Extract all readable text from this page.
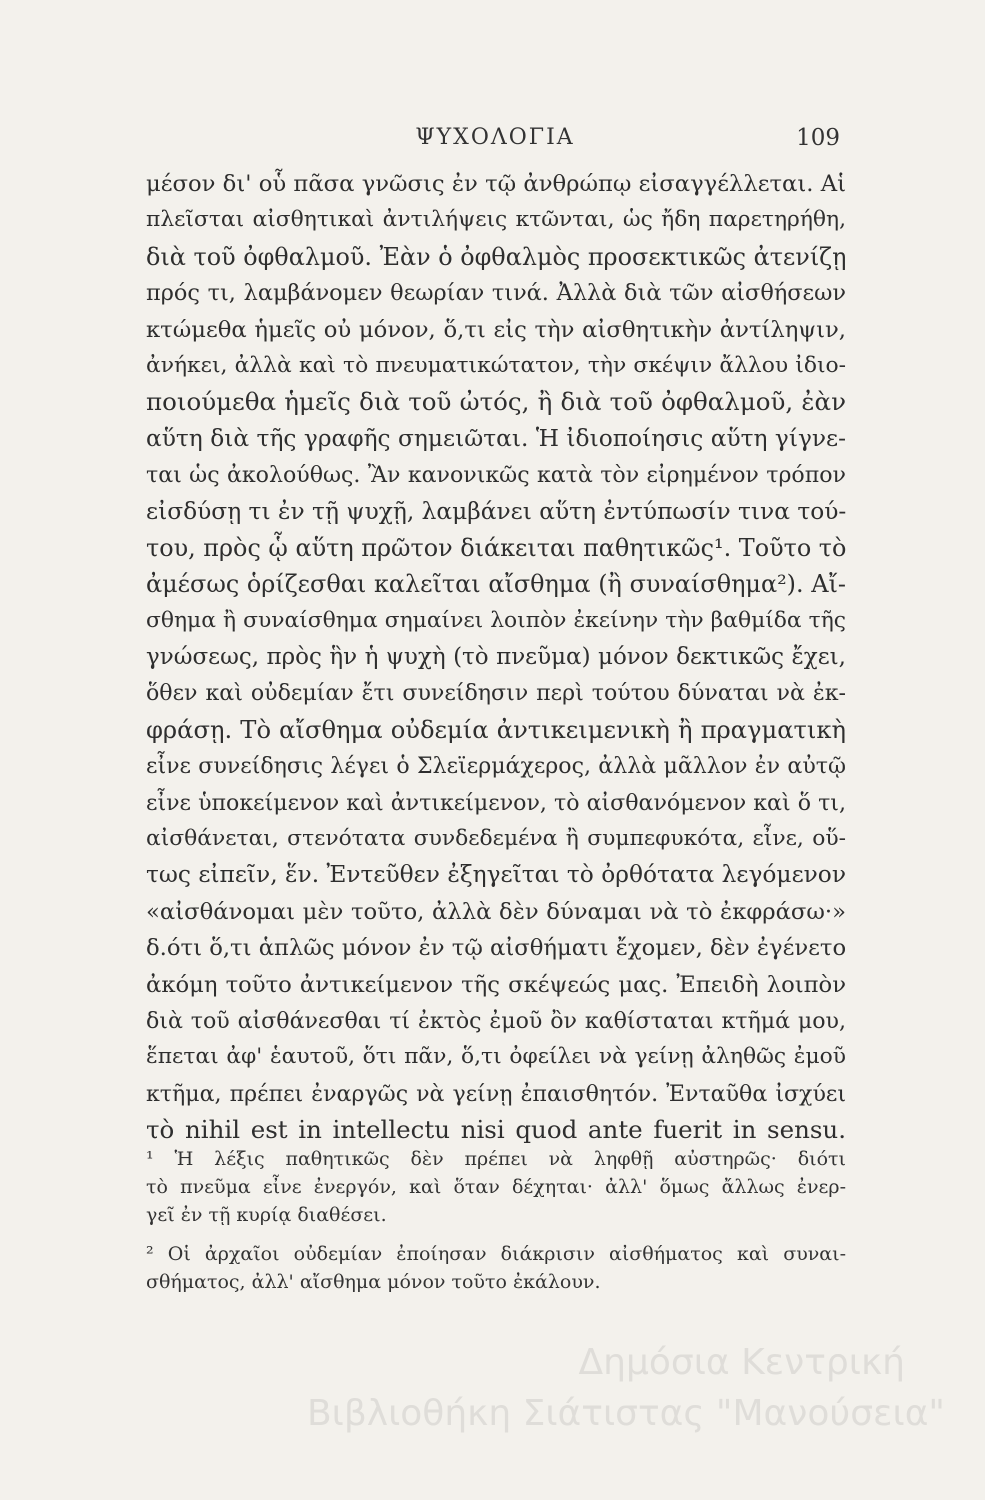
ΨΥΧΟΛΟΓΙΑ	109
μέσον δι' οὗ πᾶσα γνῶσις ἐν τῷ ἀνθρώπῳ εἰσαγγέλλεται. Αἱ
πλεῖσται αἰσθητικαὶ ἀντιλήψεις κτῶνται, ὡς ἤδη παρετηρήθη,
διὰ τοῦ ὀφθαλμοῦ. Ἐὰν ὁ ὀφθαλμὸς προσεκτικῶς ἀτενίζῃ
πρός τι, λαμβάνομεν θεωρίαν τινά. Ἀλλὰ διὰ τῶν αἰσθήσεων
κτώμεθα ἡμεῖς οὐ μόνον, ὅ,τι εἰς τὴν αἰσθητικὴν ἀντίληψιν,
ἀνήκει, ἀλλὰ καὶ τὸ πνευματικώτατον, τὴν σκέψιν ἄλλου ἰδιο-
ποιούμεθα ἡμεῖς διὰ τοῦ ὠτός, ἢ διὰ τοῦ ὀφθαλμοῦ, ἐὰν
αὕτη διὰ τῆς γραφῆς σημειῶται. Ἡ ἰδιοποίησις αὕτη γίγνε-
ται ὡς ἀκολούθως. Ἂν κανονικῶς κατὰ τὸν εἰρημένον τρόπον
εἰσδύσῃ τι ἐν τῇ ψυχῇ, λαμβάνει αὕτη ἐντύπωσίν τινα τού-
του, πρὸς ᾧ αὕτη πρῶτον διάκειται παθητικῶς¹. Τοῦτο τὸ
ἀμέσως ὁρίζεσθαι καλεῖται αἴσθημα (ἢ συναίσθημα²). Αἴ-
σθημα ἢ συναίσθημα σημαίνει λοιπὸν ἐκείνην τὴν βαθμίδα τῆς
γνώσεως, πρὸς ἣν ἡ ψυχὴ (τὸ πνεῦμα) μόνον δεκτικῶς ἔχει,
ὅθεν καὶ οὐδεμίαν ἔτι συνείδησιν περὶ τούτου δύναται νὰ ἐκ-
φράσῃ. Τὸ αἴσθημα οὐδεμία ἀντικειμενικὴ ἢ πραγματικὴ
εἶνε συνείδησις λέγει ὁ Σλεϊερμάχερος, ἀλλὰ μᾶλλον ἐν αὐτῷ
εἶνε ὑποκείμενον καὶ ἀντικείμενον, τὸ αἰσθανόμενον καὶ ὅ τι,
αἰσθάνεται, στενότατα συνδεδεμένα ἢ συμπεφυκότα, εἶνε, οὕ-
τως εἰπεῖν, ἕν. Ἐντεῦθεν ἐξηγεῖται τὸ ὀρθότατα λεγόμενον
«αἰσθάνομαι μὲν τοῦτο, ἀλλὰ δὲν δύναμαι νὰ τὸ ἐκφράσω·»
δ.ότι ὅ,τι ἁπλῶς μόνον ἐν τῷ αἰσθήματι ἔχομεν, δὲν ἐγένετο
ἀκόμη τοῦτο ἀντικείμενον τῆς σκέψεώς μας. Ἐπειδὴ λοιπὸν
διὰ τοῦ αἰσθάνεσθαι τί ἐκτὸς ἐμοῦ ὂν καθίσταται κτῆμά μου,
ἕπεται ἀφ' ἑαυτοῦ, ὅτι πᾶν, ὅ,τι ὀφείλει νὰ γείνῃ ἀληθῶς ἐμοῦ
κτῆμα, πρέπει ἐναργῶς νὰ γείνῃ ἐπαισθητόν. Ἐνταῦθα ἰσχύει
τὸ nihil est in intellectu nisi quod ante fuerit in sensu.
¹ Ἡ λέξις παθητικῶς δὲν πρέπει νὰ ληφθῇ αὐστηρῶς· διότι
τὸ πνεῦμα εἶνε ἐνεργόν, καὶ ὅταν δέχηται· ἀλλ' ὅμως ἄλλως ἐνερ-
γεῖ ἐν τῇ κυρίᾳ διαθέσει.
² Οἱ ἀρχαῖοι οὐδεμίαν ἐποίησαν διάκρισιν αἰσθήματος καὶ συναι-
σθήματος, ἀλλ' αἴσθημα μόνον τοῦτο ἐκάλουν.
Δημόσια Κεντρική
Βιβλιοθήκη Σιάτιστας "Μανούσεια"
